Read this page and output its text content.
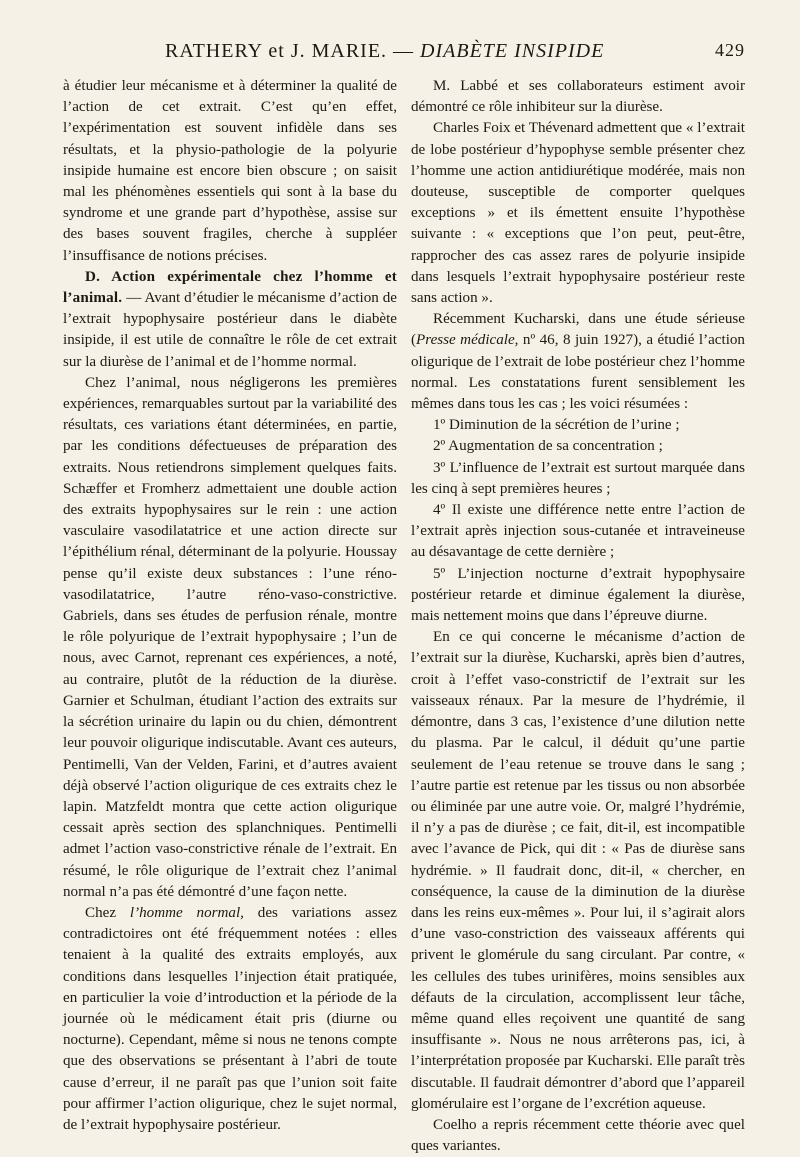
RATHERY et J. MARIE. — DIABÈTE INSIPIDE	429

à étudier leur mécanisme et à déterminer la qualité de l’action de cet extrait. C’est qu’en effet, l’expérimentation est souvent infidèle dans ses résultats, et la physio-pathologie de la polyurie insipide humaine est encore bien obscure ; on saisit mal les phénomènes essentiels qui sont à la base du syndrome et une grande part d’hypothèse, assise sur des bases souvent fragiles, cherche à suppléer l’insuffisance de notions précises.

D. Action expérimentale chez l’homme et l’animal. — Avant d’étudier le mécanisme d’action de l’extrait hypophysaire postérieur dans le diabète insipide, il est utile de connaître le rôle de cet extrait sur la diurèse de l’animal et de l’homme normal.

Chez l’animal, nous négligerons les premières expériences, remarquables surtout par la variabilité des résultats, ces variations étant déterminées, en partie, par les conditions défectueuses de préparation des extraits. Nous retiendrons simplement quelques faits. Schæffer et Fromherz admettaient une double action des extraits hypophysaires sur le rein : une action vasculaire vasodilatatrice et une action directe sur l’épithélium rénal, déterminant de la polyurie. Houssay pense qu’il existe deux substances : l’une réno-vasodilatatrice, l’autre réno-vaso-constrictive. Gabriels, dans ses études de perfusion rénale, montre le rôle polyurique de l’extrait hypophysaire ; l’un de nous, avec Carnot, reprenant ces expériences, a noté, au contraire, plutôt de la réduction de la diurèse. Garnier et Schulman, étudiant l’action des extraits sur la sécrétion urinaire du lapin ou du chien, démontrent leur pouvoir oligurique indiscutable. Avant ces auteurs, Pentimelli, Van der Velden, Farini, et d’autres avaient déjà observé l’action oligurique de ces extraits chez le lapin. Matzfeldt montra que cette action oligurique cessait après section des splanchniques. Pentimelli admet l’action vaso-constrictive rénale de l’extrait. En résumé, le rôle oligurique de l’extrait chez l’animal normal n’a pas été démontré d’une façon nette.

Chez l’homme normal, des variations assez contradictoires ont été fréquemment notées : elles tenaient à la qualité des extraits employés, aux conditions dans lesquelles l’injection était pratiquée, en particulier la voie d’introduction et la période de la journée où le médicament était pris (diurne ou nocturne). Cependant, même si nous ne tenons compte que des observations se présentant à l’abri de toute cause d’erreur, il ne paraît pas que l’union soit faite pour affirmer l’action oligurique, chez le sujet normal, de l’extrait hypophysaire postérieur.

M. Labbé et ses collaborateurs estiment avoir démontré ce rôle inhibiteur sur la diurèse.

Charles Foix et Thévenard admettent que « l’extrait de lobe postérieur d’hypophyse semble présenter chez l’homme une action antidiurétique modérée, mais non douteuse, susceptible de comporter quelques exceptions » et ils émettent ensuite l’hypothèse suivante : « exceptions que l’on peut, peut-être, rapprocher des cas assez rares de polyurie insipide dans lesquels l’extrait hypophysaire postérieur reste sans action ».

Récemment Kucharski, dans une étude sérieuse (Presse médicale, nº 46, 8 juin 1927), a étudié l’action oligurique de l’extrait de lobe postérieur chez l’homme normal. Les constatations furent sensiblement les mêmes dans tous les cas ; les voici résumées :

1º Diminution de la sécrétion de l’urine ;

2º Augmentation de sa concentration ;

3º L’influence de l’extrait est surtout marquée dans les cinq à sept premières heures ;

4º Il existe une différence nette entre l’action de l’extrait après injection sous-cutanée et intraveineuse au désavantage de cette dernière ;

5º L’injection nocturne d’extrait hypophysaire postérieur retarde et diminue également la diurèse, mais nettement moins que dans l’épreuve diurne.

En ce qui concerne le mécanisme d’action de l’extrait sur la diurèse, Kucharski, après bien d’autres, croit à l’effet vaso-constrictif de l’extrait sur les vaisseaux rénaux. Par la mesure de l’hydrémie, il démontre, dans 3 cas, l’existence d’une dilution nette du plasma. Par le calcul, il déduit qu’une partie seulement de l’eau retenue se trouve dans le sang ; l’autre partie est retenue par les tissus ou non absorbée ou éliminée par une autre voie. Or, malgré l’hydrémie, il n’y a pas de diurèse ; ce fait, dit-il, est incompatible avec l’avance de Pick, qui dit : « Pas de diurèse sans hydrémie. » Il faudrait donc, dit-il, « chercher, en conséquence, la cause de la diminution de la diurèse dans les reins eux-mêmes ». Pour lui, il s’agirait alors d’une vaso-constriction des vaisseaux afférents qui privent le glomérule du sang circulant. Par contre, « les cellules des tubes urinifères, moins sensibles aux défauts de la circulation, accomplissent leur tâche, même quand elles reçoivent une quantité de sang insuffisante ». Nous ne nous arrêterons pas, ici, à l’interprétation proposée par Kucharski. Elle paraît très discutable. Il faudrait démontrer d’abord que l’appareil glomérulaire est l’organe de l’excrétion aqueuse.

Coelho a repris récemment cette théorie avec quel ques variantes.
